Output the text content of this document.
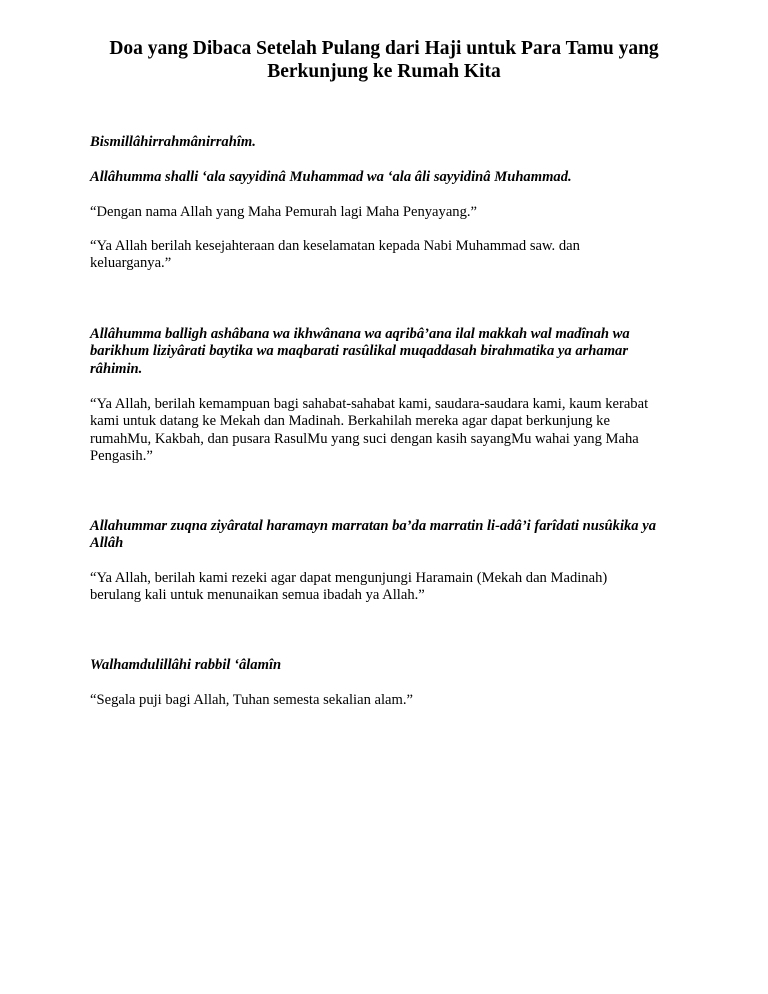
Doa yang Dibaca Setelah Pulang dari Haji untuk Para Tamu yang
Berkunjung ke Rumah Kita
Bismillâhirrahmânirrahîm.
Allâhumma shalli ‘ala sayyidinâ Muhammad wa ‘ala âli sayyidinâ Muhammad.
“Dengan nama Allah yang Maha Pemurah lagi Maha Penyayang.”
“Ya Allah berilah kesejahteraan dan keselamatan kepada Nabi Muhammad saw. dan
keluarganya.”
Allâhumma balligh ashâbana wa ikhwânana wa aqribâ’ana ilal makkah wal madînah wa
barikhum liziyârati baytika wa maqbarati rasûlikal muqaddasah birahmatika ya arhamar
râhimin.
“Ya Allah, berilah kemampuan bagi sahabat-sahabat kami, saudara-saudara kami, kaum kerabat
kami untuk datang ke Mekah dan Madinah. Berkahilah mereka agar dapat berkunjung ke
rumahMu, Kakbah, dan pusara RasulMu yang suci dengan kasih sayangMu wahai yang Maha
Pengasih.”
Allahummar zuqna ziyâratal haramayn marratan ba’da marratin li-adâ’i farîdati nusûkika ya
Allâh
“Ya Allah, berilah kami rezeki agar dapat mengunjungi Haramain (Mekah dan Madinah)
berulang kali untuk menunaikan semua ibadah ya Allah.”
Walhamdulillâhi rabbil ‘âlamîn
“Segala puji bagi Allah, Tuhan semesta sekalian alam.”
